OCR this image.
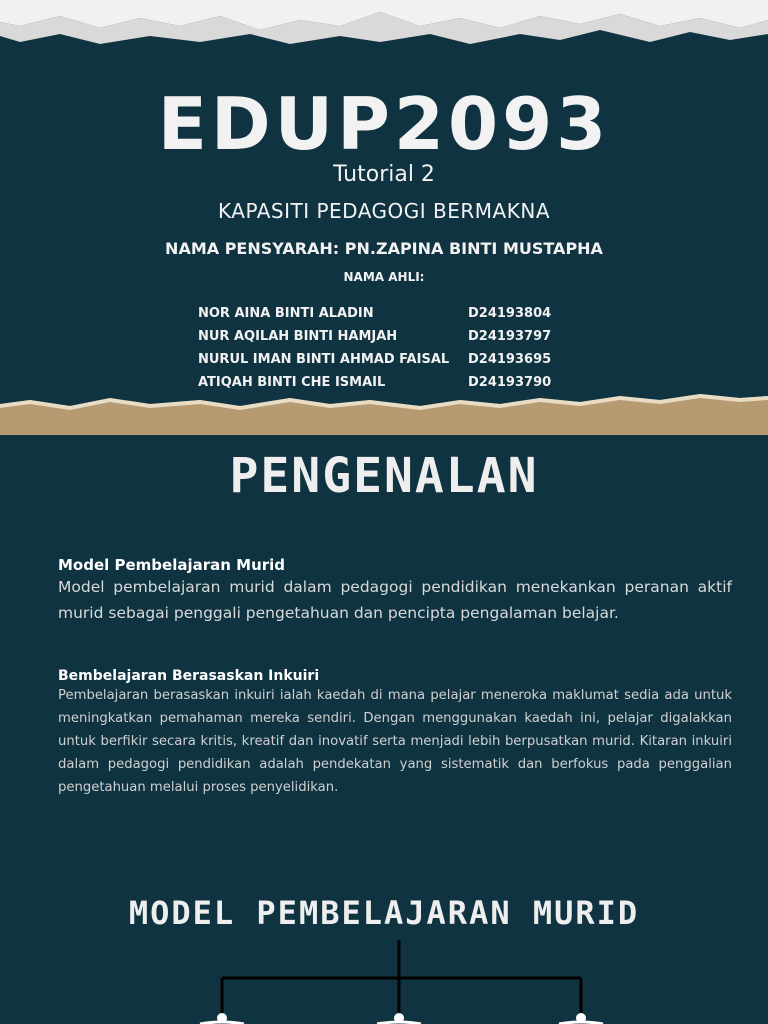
EDUP2093
Tutorial 2
KAPASITI PEDAGOGI BERMAKNA
NAMA PENSYARAH: PN.ZAPINA BINTI MUSTAPHA
NAMA AHLI:
NOR AINA BINTI ALADIN	D24193804
NUR AQILAH BINTI HAMJAH	D24193797
NURUL IMAN BINTI AHMAD FAISAL	D24193695
ATIQAH BINTI CHE ISMAIL	D24193790
PENGENALAN
Model Pembelajaran Murid
Model pembelajaran murid dalam pedagogi pendidikan menekankan peranan aktif murid sebagai penggali pengetahuan dan pencipta pengalaman belajar.
Bembelajaran Berasaskan Inkuiri
Pembelajaran berasaskan inkuiri ialah kaedah di mana pelajar meneroka maklumat sedia ada untuk meningkatkan pemahaman mereka sendiri. Dengan menggunakan kaedah ini, pelajar digalakkan untuk berfikir secara kritis, kreatif dan inovatif serta menjadi lebih berpusatkan murid. Kitaran inkuiri dalam pedagogi pendidikan adalah pendekatan yang sistematik dan berfokus pada penggalian pengetahuan melalui proses penyelidikan.
MODEL PEMBELAJARAN MURID
